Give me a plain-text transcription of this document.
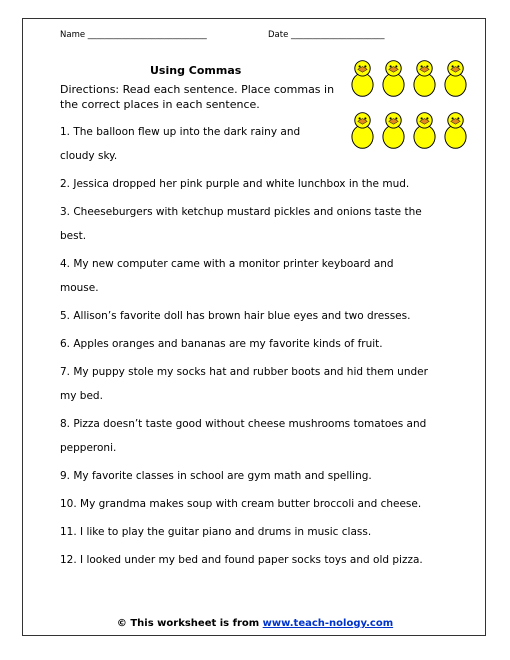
Name ____________________________	Date ______________________
Using Commas
Directions: Read each sentence. Place commas in the correct places in each sentence.
1. The balloon flew up into the dark rainy and
cloudy sky.
2. Jessica dropped her pink purple and white lunchbox in the mud.
3. Cheeseburgers with ketchup mustard pickles and onions taste the
best.
4. My new computer came with a monitor printer keyboard and
mouse.
5. Allison’s favorite doll has brown hair blue eyes and two dresses.
6. Apples oranges and bananas are my favorite kinds of fruit.
7. My puppy stole my socks hat and rubber boots and hid them under
my bed.
8. Pizza doesn’t taste good without cheese mushrooms tomatoes and
pepperoni.
9. My favorite classes in school are gym math and spelling.
10. My grandma makes soup with cream butter broccoli and cheese.
11. I like to play the guitar piano and drums in music class.
12. I looked under my bed and found paper socks toys and old pizza.
© This worksheet is from www.teach-nology.com
